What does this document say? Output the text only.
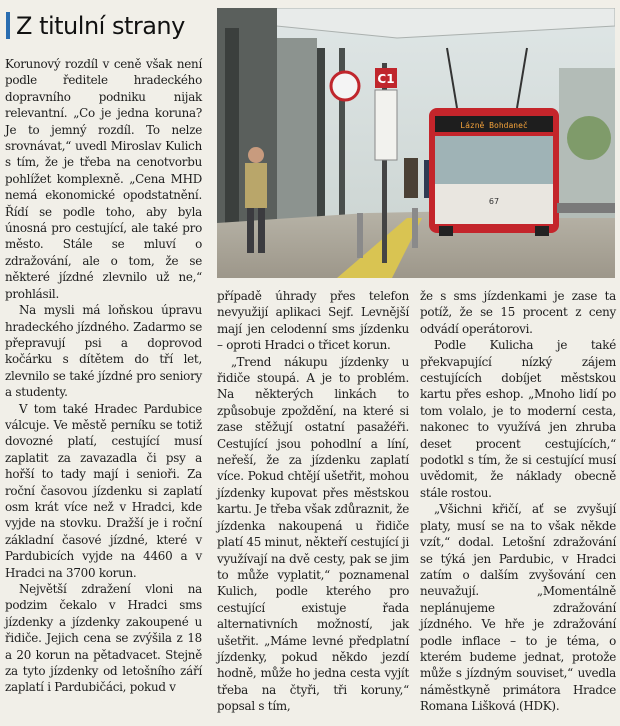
Z titulní strany
C1
Lázně Bohdaneč
67

Korunový rozdíl v ceně však není podle ředitele hradeckého dopravního podniku nijak relevantní. „Co je jedna koruna? Je to jemný rozdíl. To nelze srovnávat,“ uvedl Miroslav Kulich s tím, že je třeba na cenotvorbu pohlížet komplexně. „Cena MHD nemá ekonomické opodstatnění. Řídí se podle toho, aby byla únosná pro cestující, ale také pro město. Stále se mluví o zdražování, ale o tom, že se některé jízdné zlevnilo už ne,“ prohlásil.

Na mysli má loňskou úpravu hradeckého jízdného. Zadarmo se přepravují psi a doprovod kočárku s dítětem do tří let, zlevnilo se také jízdné pro seniory a studenty.

V tom také Hradec Pardubice válcuje. Ve městě perníku se totiž dovozné platí, cestující musí zaplatit za zavazadla či psy a hořší to tady mají i senioři. Za roční časovou jízdenku si zaplatí osm krát více než v Hradci, kde vyjde na stovku. Dražší je i roční základní časové jízdné, které v Pardubicích vyjde na 4460 a v Hradci na 3700 korun.

Největší zdražení vloni na podzim čekalo v Hradci sms jízdenky a jízdenky zakoupené u řidiče. Jejich cena se zvýšila z 18 a 20 korun na pětadvacet. Stejně za tyto jízdenky od letošního září zaplatí i Pardubičáci, pokud v

případě úhrady přes telefon nevyužijí aplikaci Sejf. Levnější mají jen celodenní sms jízdenku – oproti Hradci o třicet korun.

„Trend nákupu jízdenky u řidiče stoupá. A je to problém. Na některých linkách to způsobuje zpoždění, na které si zase stěžují ostatní pasažéři. Cestující jsou pohodlní a líní, neřeší, že za jízdenku zaplatí více. Pokud chtějí ušetřit, mohou jízdenky kupovat přes městskou kartu. Je třeba však zdůraznit, že jízdenka nakoupená u řidiče platí 45 minut, někteří cestující ji využívají na dvě cesty, pak se jim to může vyplatit,“ poznamenal Kulich, podle kterého pro cestující existuje řada alternativních možností, jak ušetřit. „Máme levné předplatní jízdenky, pokud někdo jezdí hodně, může ho jedna cesta vyjít třeba na čtyři, tři koruny,“ popsal s tím,

že s sms jízdenkami je zase ta potíž, že se 15 procent z ceny odvádí operátorovi.

Podle Kulicha je také překvapující nízký zájem cestujících dobíjet městskou kartu přes eshop. „Mnoho lidí po tom volalo, je to moderní cesta, nakonec to využívá jen zhruba deset procent cestujících,“ podotkl s tím, že si cestující musí uvědomit, že náklady obecně stále rostou.

„Všichni křičí, ať se zvyšují platy, musí se na to však někde vzít,“ dodal. Letošní zdražování se týká jen Pardubic, v Hradci zatím o dalším zvyšování cen neuvažují. „Momentálně neplánujeme zdražování jízdného. Ve hře je zdražování podle inflace – to je téma, o kterém budeme jednat, protože může s jízdným souviset,“ uvedla náměstkyně primátora Hradce Romana Lišková (HDK).
